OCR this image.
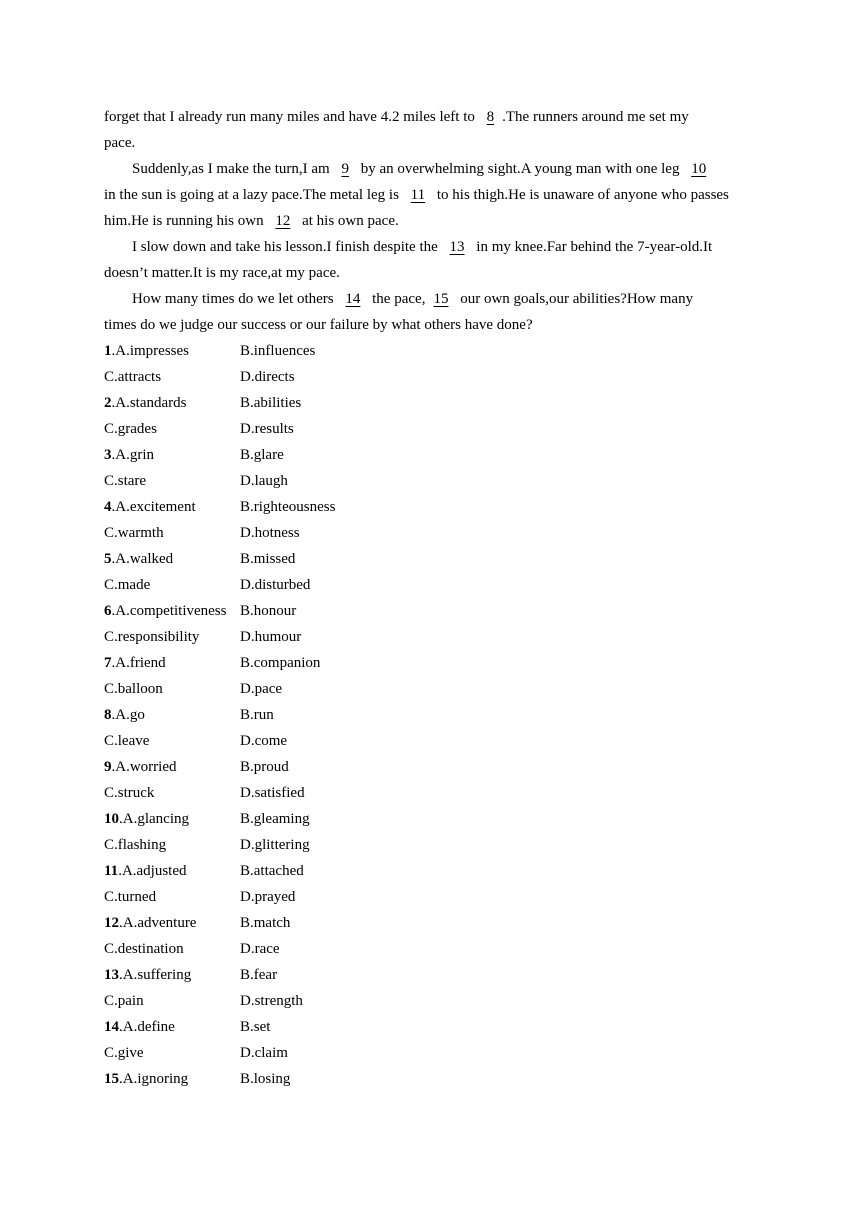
forget that I already run many miles and have 4.2 miles left to 8 .The runners around me set my
pace.
Suddenly,as I make the turn,I am 9 by an overwhelming sight.A young man with one leg 10
in the sun is going at a lazy pace.The metal leg is 11 to his thigh.He is unaware of anyone who passes
him.He is running his own 12 at his own pace.
I slow down and take his lesson.I finish despite the 13 in my knee.Far behind the 7-year-old.It
doesn’t matter.It is my race,at my pace.
How many times do we let others 14 the pace, 15 our own goals,our abilities?How many
times do we judge our success or our failure by what others have done?
1.A.impresses	B.influences
C.attracts	D.directs
2.A.standards	B.abilities
C.grades	D.results
3.A.grin	B.glare
C.stare	D.laugh
4.A.excitement	B.righteousness
C.warmth	D.hotness
5.A.walked	B.missed
C.made	D.disturbed
6.A.competitiveness B.honour
C.responsibility	D.humour
7.A.friend	B.companion
C.balloon	D.pace
8.A.go	B.run
C.leave	D.come
9.A.worried	B.proud
C.struck	D.satisfied
10.A.glancing	B.gleaming
C.flashing	D.glittering
11.A.adjusted	B.attached
C.turned	D.prayed
12.A.adventure	B.match
C.destination	D.race
13.A.suffering	B.fear
C.pain	D.strength
14.A.define	B.set
C.give	D.claim
15.A.ignoring	B.losing
